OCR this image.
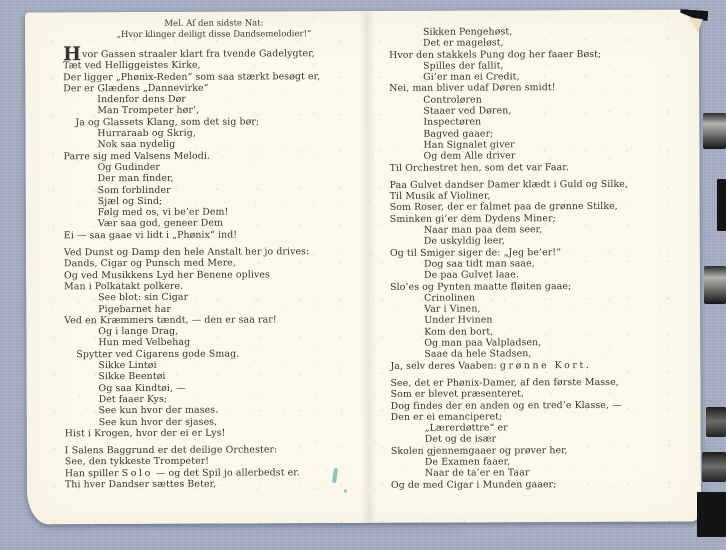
Mel. Af den sidste Nat:
„Hvor klinger deiligt disse Dandsemelodier!“
Hvor Gassen straaler klart fra tvende Gadelygter,
Tæt ved Helliggeistes Kirke,
Der ligger „Phønix-Reden“ som saa stærkt besøgt er,
Der er Glædens „Dannevirke“
Indenfor dens Dør
Man Trompeter hør’,
Ja og Glassets Klang, som det sig bør;
Hurraraab og Skrig,
Nok saa nydelig
Parre sig med Valsens Melodi.
Og Gudinder
Der man finder,
Som forblinder
Sjæl og Sind;
Følg med os, vi be’er Dem!
Vær saa god, geneer Dem
Ei — saa gaae vi lidt i „Phønix“ ind!
Ved Dunst og Damp den hele Anstalt her jo drives:
Dands, Cigar og Punsch med Mere,
Og ved Musikkens Lyd her Benene oplives
Man i Polkatakt polkere.
See blot: sin Cigar
Pigebarnet har
Ved en Kræmmers tændt, — den er saa rar!
Og i lange Drag,
Hun med Velbehag
Spytter ved Cigarens gode Smag.
Sikke Lintøi
Sikke Beentøi
Og saa Kindtøi, —
Det faaer Kys;
See kun hvor der mases.
See kun hvor der sjases,
Hist i Krogen, hvor der ei er Lys!
I Salens Baggrund er det deilige Orchester:
See, den tykkeste Trompeter!
Han spiller Solo — og det Spil jo allerbedst er.
Thi hver Dandser sættes Beter,
Sikken Pengehøst,
Det er mageløst,
Hvor den stakkels Pung dog her faaer Bøst;
Spilles der fallit,
Gi’er man ei Credit,
Nei, man bliver udaf Døren smidt!
Controløren
Staaer ved Døren,
Inspectøren
Bagved gaaer;
Han Signalet giver
Og dem Alle driver
Til Orchestret hen, som det var Faar.
Paa Gulvet dandser Damer klædt i Guld og Silke,
Til Musik af Violiner,
Som Roser, der er falmet paa de grønne Stilke,
Sminken gi’er dem Dydens Miner;
Naar man paa dem seer,
De uskyldig leer,
Og til Smiger siger de: „Jeg be’er!“
Dog saa tidt man saae,
De paa Gulvet laae.
Slo’es og Pynten maatte fløiten gaae;
Crinolinen
Var i Vinen,
Under Hvinen
Kom den bort,
Og man paa Valpladsen,
Saae da hele Stadsen,
Ja, selv deres Vaaben: grønne Kort.
See, det er Phønix-Damer, af den første Masse,
Som er blevet præsenteret,
Dog findes der en anden og en tred’e Klasse, —
Den er ei emanciperet;
„Lærerdøttre“ er
Det og de især
Skolen gjennemgaaer og prøver her,
De Examen faaer,
Naar de ta’er en Taar
Og de med Cigar i Munden gaaer;
